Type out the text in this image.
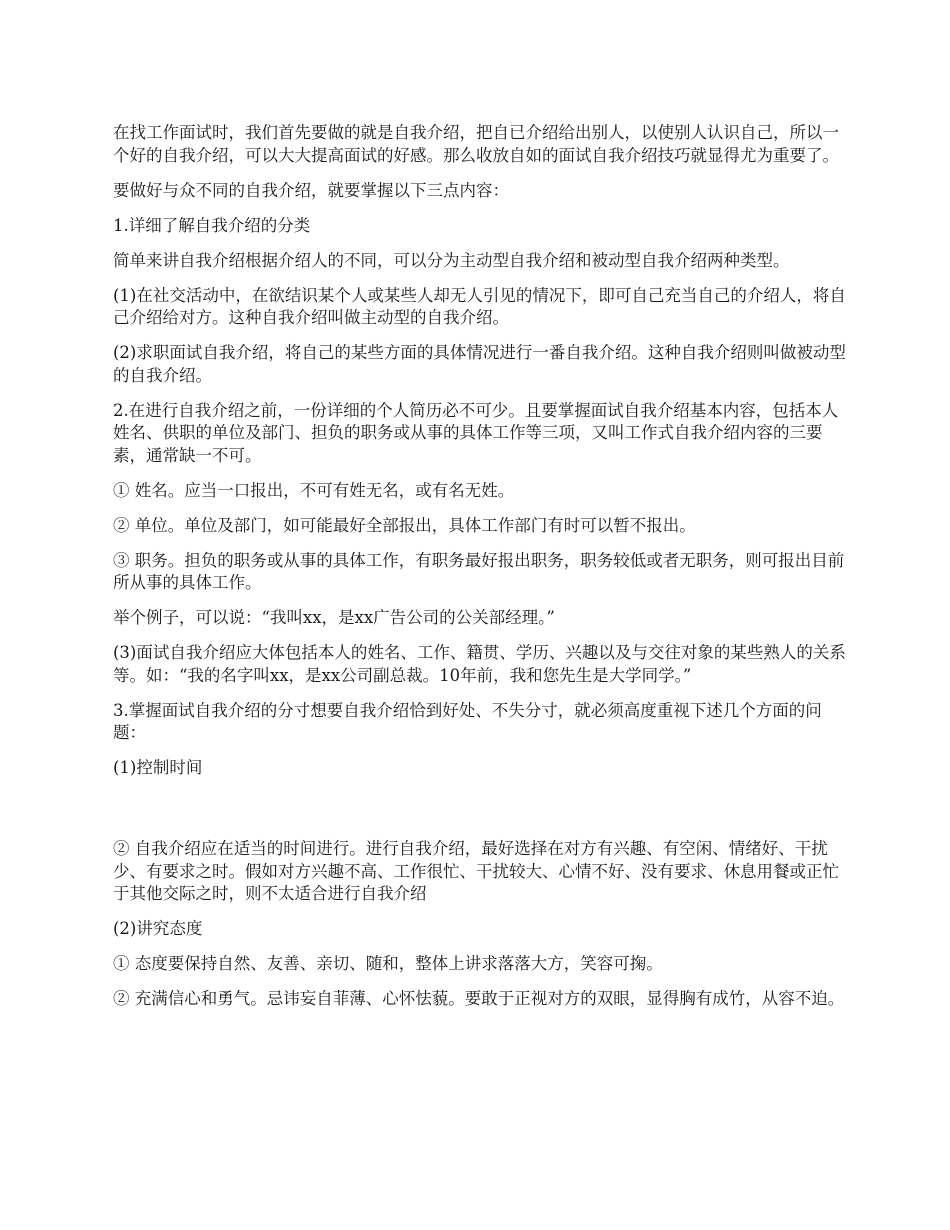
在找工作面试时，我们首先要做的就是自我介绍，把自已介绍给出别人，以使别人认识自己，所以一个好的自我介绍，可以大大提高面试的好感。那么收放自如的面试自我介绍技巧就显得尤为重要了。

要做好与众不同的自我介绍，就要掌握以下三点内容：

1.详细了解自我介绍的分类

简单来讲自我介绍根据介绍人的不同，可以分为主动型自我介绍和被动型自我介绍两种类型。

(1)在社交活动中，在欲结识某个人或某些人却无人引见的情况下，即可自己充当自己的介绍人，将自己介绍给对方。这种自我介绍叫做主动型的自我介绍。

(2)求职面试自我介绍，将自己的某些方面的具体情况进行一番自我介绍。这种自我介绍则叫做被动型的自我介绍。

2.在进行自我介绍之前，一份详细的个人简历必不可少。且要掌握面试自我介绍基本内容，包括本人姓名、供职的单位及部门、担负的职务或从事的具体工作等三项，又叫工作式自我介绍内容的三要素，通常缺一不可。

① 姓名。应当一口报出，不可有姓无名，或有名无姓。

② 单位。单位及部门，如可能最好全部报出，具体工作部门有时可以暂不报出。

③ 职务。担负的职务或从事的具体工作，有职务最好报出职务，职务较低或者无职务，则可报出目前所从事的具体工作。

举个例子，可以说：“我叫xx，是xx广告公司的公关部经理。”

(3)面试自我介绍应大体包括本人的姓名、工作、籍贯、学历、兴趣以及与交往对象的某些熟人的关系等。如：“我的名字叫xx，是xx公司副总裁。10年前，我和您先生是大学同学。”

3.掌握面试自我介绍的分寸想要自我介绍恰到好处、不失分寸，就必须高度重视下述几个方面的问题：

(1)控制时间

② 自我介绍应在适当的时间进行。进行自我介绍，最好选择在对方有兴趣、有空闲、情绪好、干扰少、有要求之时。假如对方兴趣不高、工作很忙、干扰较大、心情不好、没有要求、休息用餐或正忙于其他交际之时，则不太适合进行自我介绍

(2)讲究态度

① 态度要保持自然、友善、亲切、随和，整体上讲求落落大方，笑容可掬。

② 充满信心和勇气。忌讳妄自菲薄、心怀怯藐。要敢于正视对方的双眼，显得胸有成竹，从容不迫。
